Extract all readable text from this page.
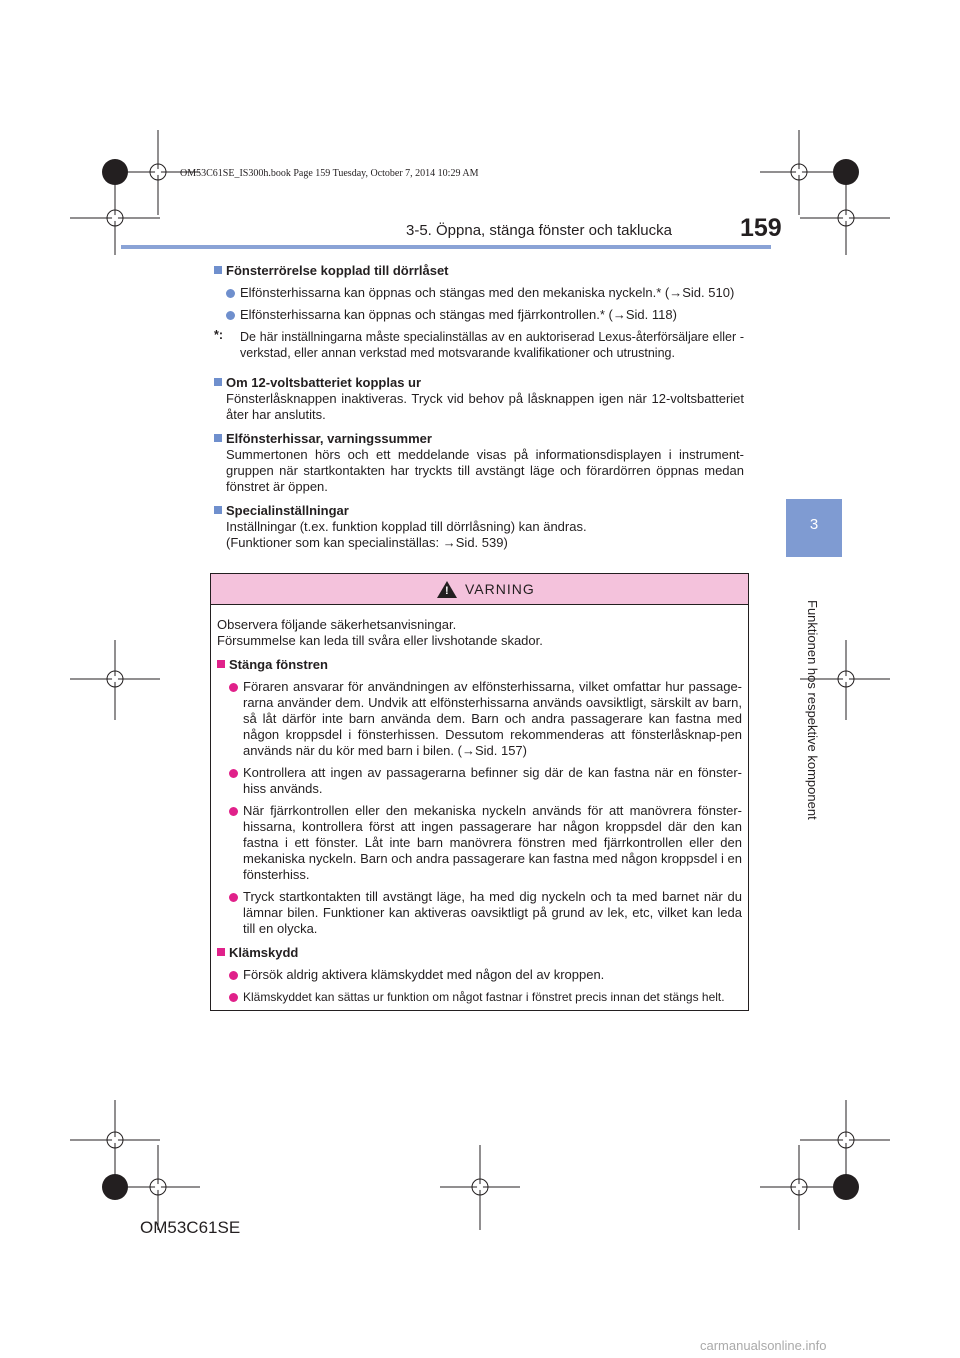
OM53C61SE_IS300h.book Page 159 Tuesday, October 7, 2014 10:29 AM
3-5. Öppna, stänga fönster och taklucka	159
3
Funktionen hos respektive komponent
Fönsterrörelse kopplad till dörrlåset
Elfönsterhissarna kan öppnas och stängas med den mekaniska nyckeln.* (→Sid. 510)
Elfönsterhissarna kan öppnas och stängas med fjärrkontrollen.* (→Sid. 118)
*: De här inställningarna måste specialinställas av en auktoriserad Lexus-återförsäljare eller -verkstad, eller annan verkstad med motsvarande kvalifikationer och utrustning.
Om 12-voltsbatteriet kopplas ur
Fönsterlåsknappen inaktiveras. Tryck vid behov på låsknappen igen när 12-voltsbatteriet åter har anslutits.
Elfönsterhissar, varningssummer
Summertonen hörs och ett meddelande visas på informationsdisplayen i instrument-gruppen när startkontakten har tryckts till avstängt läge och förardörren öppnas medan fönstret är öppen.
Specialinställningar
Inställningar (t.ex. funktion kopplad till dörrlåsning) kan ändras.
(Funktioner som kan specialinställas: →Sid. 539)
! VARNING
Observera följande säkerhetsanvisningar.
Försummelse kan leda till svåra eller livshotande skador.
Stänga fönstren
Föraren ansvarar för användningen av elfönsterhissarna, vilket omfattar hur passage-rarna använder dem. Undvik att elfönsterhissarna används oavsiktligt, särskilt av barn, så låt därför inte barn använda dem. Barn och andra passagerare kan fastna med någon kroppsdel i fönsterhissen. Dessutom rekommenderas att fönsterlåsknap-pen används när du kör med barn i bilen. (→Sid. 157)
Kontrollera att ingen av passagerarna befinner sig där de kan fastna när en fönster-hiss används.
När fjärrkontrollen eller den mekaniska nyckeln används för att manövrera fönster-hissarna, kontrollera först att ingen passagerare har någon kroppsdel där den kan fastna i ett fönster. Låt inte barn manövrera fönstren med fjärrkontrollen eller den mekaniska nyckeln. Barn och andra passagerare kan fastna med någon kroppsdel i en fönsterhiss.
Tryck startkontakten till avstängt läge, ha med dig nyckeln och ta med barnet när du lämnar bilen. Funktioner kan aktiveras oavsiktligt på grund av lek, etc, vilket kan leda till en olycka.
Klämskydd
Försök aldrig aktivera klämskyddet med någon del av kroppen.
Klämskyddet kan sättas ur funktion om något fastnar i fönstret precis innan det stängs helt.
OM53C61SE
carmanualsonline.info
